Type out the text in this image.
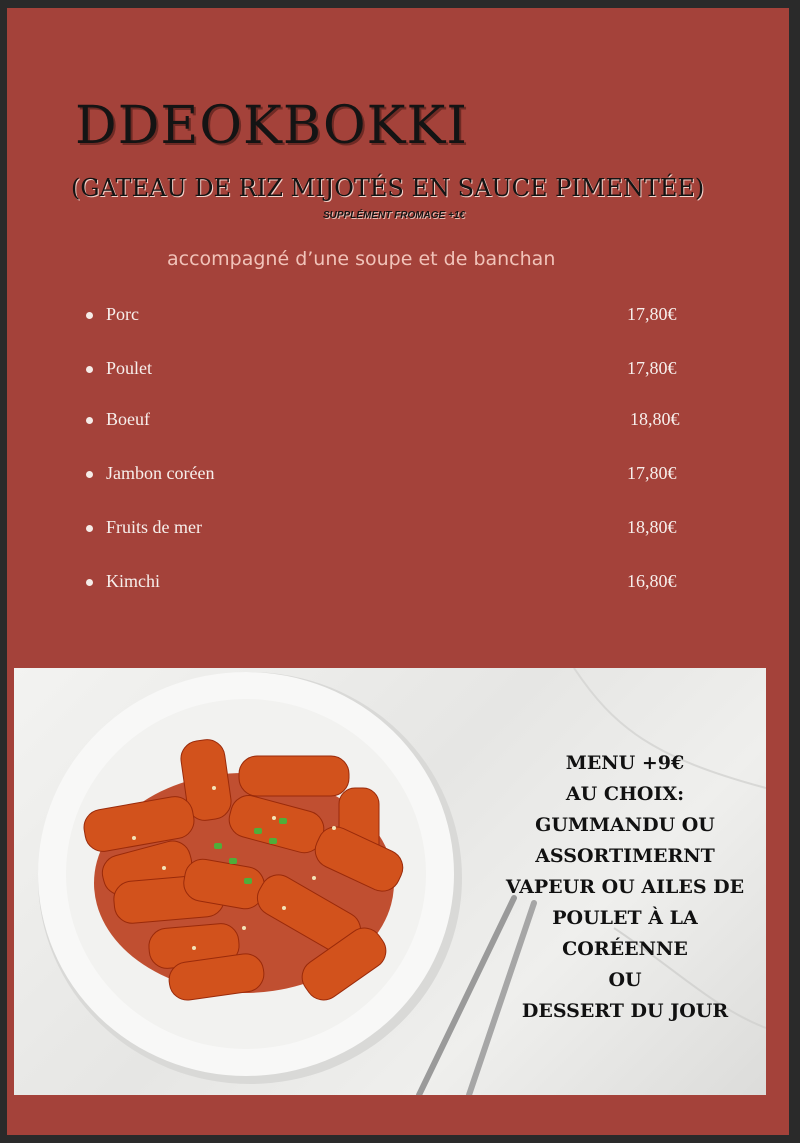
DDEOKBOKKI
(GATEAU DE RIZ MIJOTÉS EN SAUCE PIMENTÉE)
SUPPLÉMENT FROMAGE +1€
accompagné d’une soupe et de banchan
Porc	17,80€
Poulet	17,80€
Boeuf	18,80€
Jambon coréen	17,80€
Fruits de mer	18,80€
Kimchi	16,80€
MENU +9€
AU CHOIX:
GUMMANDU OU
ASSORTIMERNT
VAPEUR OU AILES DE
POULET À LA
CORÉENNE
OU
DESSERT DU JOUR
